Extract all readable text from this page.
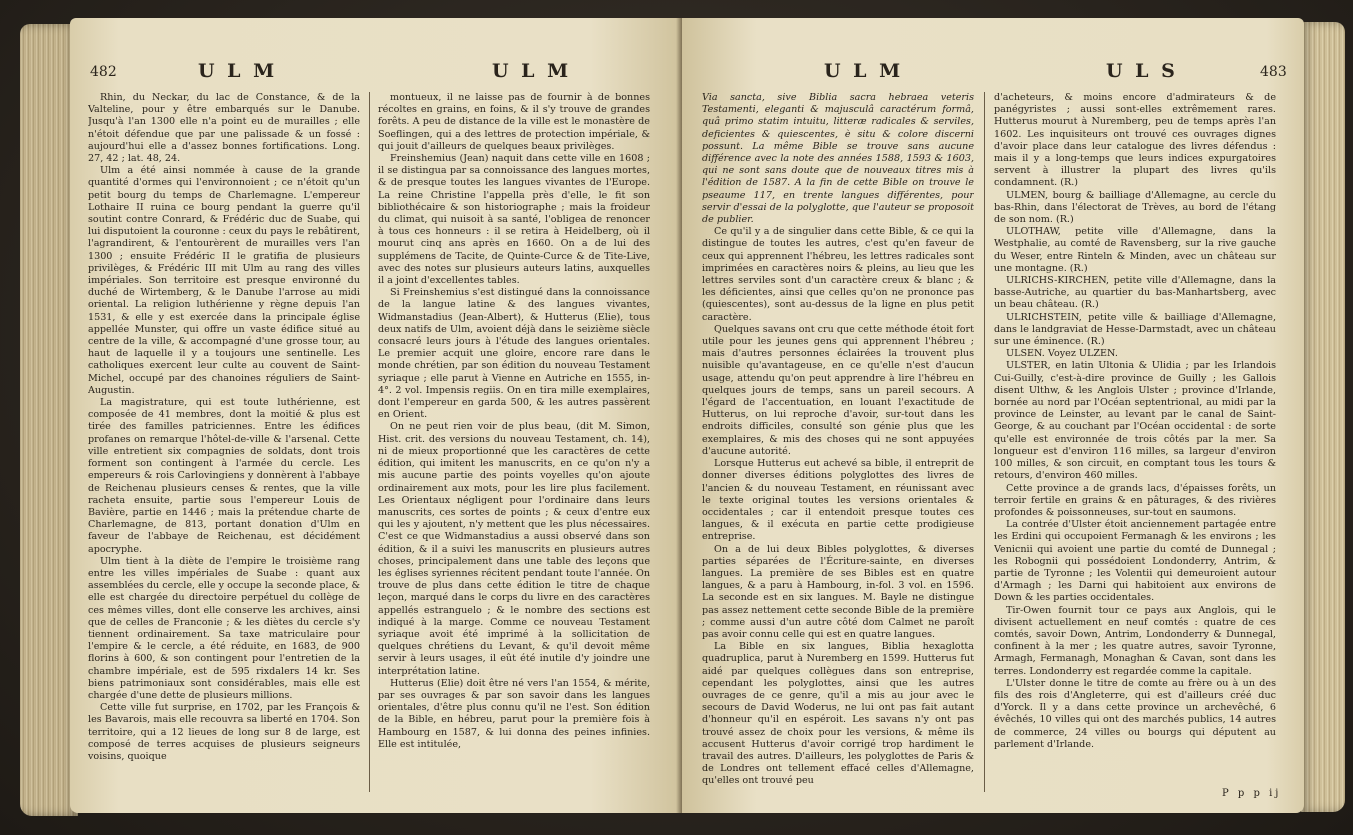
482	U L M	U L M

Rhin, du Neckar, du lac de Constance, & de la Valteline, pour y être embarqués sur le Danube. Jusqu'à l'an 1300 elle n'a point eu de murailles ; elle n'étoit défendue que par une palissade & un fossé : aujourd'hui elle a d'assez bonnes fortifications. Long. 27, 42 ; lat. 48, 24.

Ulm a été ainsi nommée à cause de la grande quantité d'ormes qui l'environnoient ; ce n'étoit qu'un petit bourg du temps de Charlemagne. L'empereur Lothaire II ruina ce bourg pendant la guerre qu'il soutint contre Conrard, & Frédéric duc de Suabe, qui lui disputoient la couronne : ceux du pays le rebâtirent, l'agrandirent, & l'entourèrent de murailles vers l'an 1300 ; ensuite Frédéric II le gratifia de plusieurs privilèges, & Frédéric III mit Ulm au rang des villes impériales. Son territoire est presque environné du duché de Wirtemberg, & le Danube l'arrose au midi oriental. La religion luthérienne y règne depuis l'an 1531, & elle y est exercée dans la principale église appellée Munster, qui offre un vaste édifice situé au centre de la ville, & accompagné d'une grosse tour, au haut de laquelle il y a toujours une sentinelle. Les catholiques exercent leur culte au couvent de Saint-Michel, occupé par des chanoines réguliers de Saint-Augustin.

La magistrature, qui est toute luthérienne, est composée de 41 membres, dont la moitié & plus est tirée des familles patriciennes. Entre les édifices profanes on remarque l'hôtel-de-ville & l'arsenal. Cette ville entretient six compagnies de soldats, dont trois forment son contingent à l'armée du cercle. Les empereurs & rois Carlovingiens y donnèrent à l'abbaye de Reichenau plusieurs censes & rentes, que la ville racheta ensuite, partie sous l'empereur Louis de Bavière, partie en 1446 ; mais la prétendue charte de Charlemagne, de 813, portant donation d'Ulm en faveur de l'abbaye de Reichenau, est décidément apocryphe.

Ulm tient à la diète de l'empire le troisième rang entre les villes impériales de Suabe : quant aux assemblées du cercle, elle y occupe la seconde place, & elle est chargée du directoire perpétuel du collège de ces mêmes villes, dont elle conserve les archives, ainsi que de celles de Franconie ; & les diètes du cercle s'y tiennent ordinairement. Sa taxe matriculaire pour l'empire & le cercle, a été réduite, en 1683, de 900 florins à 600, & son contingent pour l'entretien de la chambre impériale, est de 595 rixdalers 14 kr. Ses biens patrimoniaux sont considérables, mais elle est chargée d'une dette de plusieurs millions.

Cette ville fut surprise, en 1702, par les François & les Bavarois, mais elle recouvra sa liberté en 1704. Son territoire, qui a 12 lieues de long sur 8 de large, est composé de terres acquises de plusieurs seigneurs voisins, quoique

montueux, il ne laisse pas de fournir à de bonnes récoltes en grains, en foins, & il s'y trouve de grandes forêts. A peu de distance de la ville est le monastère de Soeflingen, qui a des lettres de protection impériale, & qui jouit d'ailleurs de quelques beaux privilèges.

Freinshemius (Jean) naquit dans cette ville en 1608 ; il se distingua par sa connoissance des langues mortes, & de presque toutes les langues vivantes de l'Europe. La reine Christine l'appella près d'elle, le fit son bibliothécaire & son historiographe ; mais la froideur du climat, qui nuisoit à sa santé, l'obligea de renoncer à tous ces honneurs : il se retira à Heidelberg, où il mourut cinq ans après en 1660. On a de lui des supplémens de Tacite, de Quinte-Curce & de Tite-Live, avec des notes sur plusieurs auteurs latins, auxquelles il a joint d'excellentes tables.

Si Freinshemius s'est distingué dans la connoissance de la langue latine & des langues vivantes, Widmanstadius (Jean-Albert), & Hutterus (Elie), tous deux natifs de Ulm, avoient déjà dans le seizième siècle consacré leurs jours à l'étude des langues orientales. Le premier acquit une gloire, encore rare dans le monde chrétien, par son édition du nouveau Testament syriaque ; elle parut à Vienne en Autriche en 1555, in-4°. 2 vol. Impensis regiis. On en tira mille exemplaires, dont l'empereur en garda 500, & les autres passèrent en Orient.

On ne peut rien voir de plus beau, (dit M. Simon, Hist. crit. des versions du nouveau Testament, ch. 14), ni de mieux proportionné que les caractères de cette édition, qui imitent les manuscrits, en ce qu'on n'y a mis aucune partie des points voyelles qu'on ajoute ordinairement aux mots, pour les lire plus facilement. Les Orientaux négligent pour l'ordinaire dans leurs manuscrits, ces sortes de points ; & ceux d'entre eux qui les y ajoutent, n'y mettent que les plus nécessaires. C'est ce que Widmanstadius a aussi observé dans son édition, & il a suivi les manuscrits en plusieurs autres choses, principalement dans une table des leçons que les églises syriennes récitent pendant toute l'année. On trouve de plus dans cette édition le titre de chaque leçon, marqué dans le corps du livre en des caractères appellés estranguelo ; & le nombre des sections est indiqué à la marge. Comme ce nouveau Testament syriaque avoit été imprimé à la sollicitation de quelques chrétiens du Levant, & qu'il devoit même servir à leurs usages, il eût été inutile d'y joindre une interprétation latine.

Hutterus (Elie) doit être né vers l'an 1554, & mérite, par ses ouvrages & par son savoir dans les langues orientales, d'être plus connu qu'il ne l'est. Son édition de la Bible, en hébreu, parut pour la première fois à Hambourg en 1587, & lui donna des peines infinies. Elle est intitulée,

U L M	U L S	483

Via sancta, sive Biblia sacra hebraea veteris Testamenti, eleganti & majusculâ caractérum formâ, quâ primo statim intuitu, litteræ radicales & serviles, deficientes & quiescentes, è situ & colore discerni possunt. La même Bible se trouve sans aucune différence avec la note des années 1588, 1593 & 1603, qui ne sont sans doute que de nouveaux titres mis à l'édition de 1587. A la fin de cette Bible on trouve le pseaume 117, en trente langues différentes, pour servir d'essai de la polyglotte, que l'auteur se proposoit de publier.

Ce qu'il y a de singulier dans cette Bible, & ce qui la distingue de toutes les autres, c'est qu'en faveur de ceux qui apprennent l'hébreu, les lettres radicales sont imprimées en caractères noirs & pleins, au lieu que les lettres serviles sont d'un caractère creux & blanc ; & les déficientes, ainsi que celles qu'on ne prononce pas (quiescentes), sont au-dessus de la ligne en plus petit caractère.

Quelques savans ont cru que cette méthode étoit fort utile pour les jeunes gens qui apprennent l'hébreu ; mais d'autres personnes éclairées la trouvent plus nuisible qu'avantageuse, en ce qu'elle n'est d'aucun usage, attendu qu'on peut apprendre à lire l'hébreu en quelques jours de temps, sans un pareil secours. A l'égard de l'accentuation, en louant l'exactitude de Hutterus, on lui reproche d'avoir, sur-tout dans les endroits difficiles, consulté son génie plus que les exemplaires, & mis des choses qui ne sont appuyées d'aucune autorité.

Lorsque Hutterus eut achevé sa bible, il entreprit de donner diverses éditions polyglottes des livres de l'ancien & du nouveau Testament, en réunissant avec le texte original toutes les versions orientales & occidentales ; car il entendoit presque toutes ces langues, & il exécuta en partie cette prodigieuse entreprise.

On a de lui deux Bibles polyglottes, & diverses parties séparées de l'Écriture-sainte, en diverses langues. La première de ses Bibles est en quatre langues, & a paru à Hambourg, in-fol. 3 vol. en 1596. La seconde est en six langues. M. Bayle ne distingue pas assez nettement cette seconde Bible de la première ; comme aussi d'un autre côté dom Calmet ne paroît pas avoir connu celle qui est en quatre langues.

La Bible en six langues, Biblia hexaglotta quadruplica, parut à Nuremberg en 1599. Hutterus fut aidé par quelques collègues dans son entreprise, cependant les polyglottes, ainsi que les autres ouvrages de ce genre, qu'il a mis au jour avec le secours de David Woderus, ne lui ont pas fait autant d'honneur qu'il en espéroit. Les savans n'y ont pas trouvé assez de choix pour les versions, & même ils accusent Hutterus d'avoir corrigé trop hardiment le travail des autres. D'ailleurs, les polyglottes de Paris & de Londres ont tellement effacé celles d'Allemagne, qu'elles ont trouvé peu

d'acheteurs, & moins encore d'admirateurs & de panégyristes ; aussi sont-elles extrêmement rares. Hutterus mourut à Nuremberg, peu de temps après l'an 1602. Les inquisiteurs ont trouvé ces ouvrages dignes d'avoir place dans leur catalogue des livres défendus : mais il y a long-temps que leurs indices expurgatoires servent à illustrer la plupart des livres qu'ils condamnent. (R.)

ULMEN, bourg & bailliage d'Allemagne, au cercle du bas-Rhin, dans l'électorat de Trèves, au bord de l'étang de son nom. (R.)

ULOTHAW, petite ville d'Allemagne, dans la Westphalie, au comté de Ravensberg, sur la rive gauche du Weser, entre Rinteln & Minden, avec un château sur une montagne. (R.)

ULRICHS-KIRCHEN, petite ville d'Allemagne, dans la basse-Autriche, au quartier du bas-Manhartsberg, avec un beau château. (R.)

ULRICHSTEIN, petite ville & bailliage d'Allemagne, dans le landgraviat de Hesse-Darmstadt, avec un château sur une éminence. (R.)

ULSEN. Voyez ULZEN.

ULSTER, en latin Ultonia & Ulidia ; par les Irlandois Cui-Guilly, c'est-à-dire province de Guilly ; les Gallois disent Ulthw, & les Anglois Ulster ; province d'Irlande, bornée au nord par l'Océan septentrional, au midi par la province de Leinster, au levant par le canal de Saint-George, & au couchant par l'Océan occidental : de sorte qu'elle est environnée de trois côtés par la mer. Sa longueur est d'environ 116 milles, sa largeur d'environ 100 milles, & son circuit, en comptant tous les tours & retours, d'environ 460 milles.

Cette province a de grands lacs, d'épaisses forêts, un terroir fertile en grains & en pâturages, & des rivières profondes & poissonneuses, sur-tout en saumons.

La contrée d'Ulster étoit anciennement partagée entre les Erdini qui occupoient Fermanagh & les environs ; les Venicnii qui avoient une partie du comté de Dunnegal ; les Robognii qui possédoient Londonderry, Antrim, & partie de Tyronne ; les Volentii qui demeuroient autour d'Armagh ; les Darni qui habitoient aux environs de Down & les parties occidentales.

Tir-Owen fournit tour ce pays aux Anglois, qui le divisent actuellement en neuf comtés : quatre de ces comtés, savoir Down, Antrim, Londonderry & Dunnegal, confinent à la mer ; les quatre autres, savoir Tyronne, Armagh, Fermanagh, Monaghan & Cavan, sont dans les terres. Londonderry est regardée comme la capitale.

L'Ulster donne le titre de comte au frère ou à un des fils des rois d'Angleterre, qui est d'ailleurs créé duc d'Yorck. Il y a dans cette province un archevêché, 6 évêchés, 10 villes qui ont des marchés publics, 14 autres de commerce, 24 villes ou bourgs qui députent au parlement d'Irlande.

P p p ij
